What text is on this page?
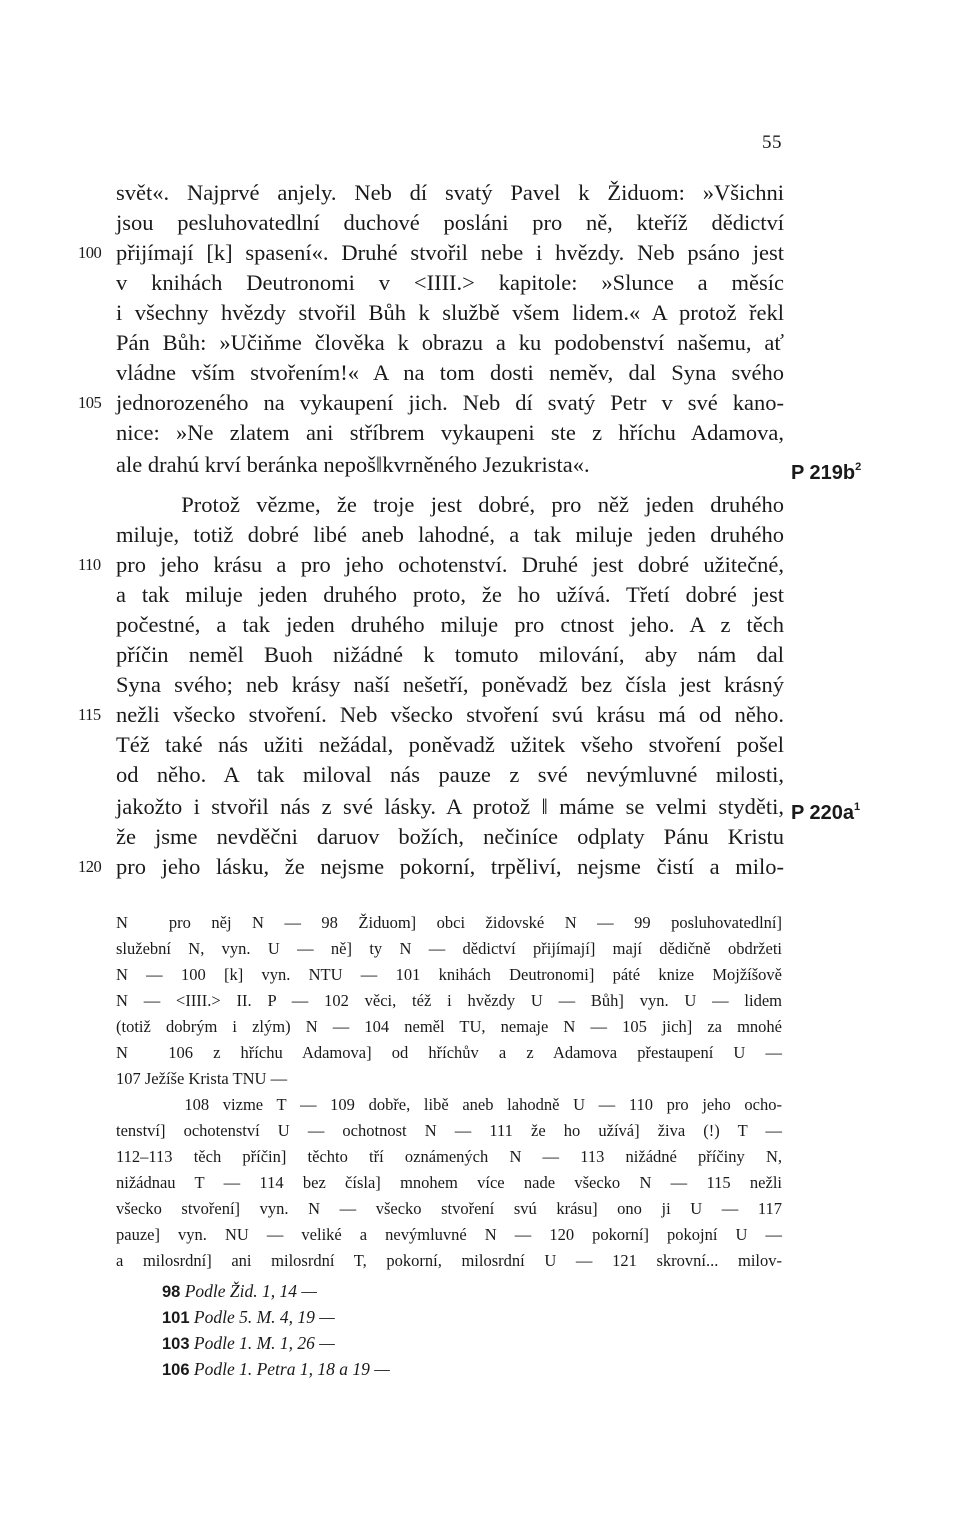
55
svět«. Najprvé anjely. Neb dí svatý Pavel k Židuom: »Všichni
jsou pesluhovatedlní duchové posláni pro ně, kteříž dědictví
100 přijímají [k] spasení«. Druhé stvořil nebe i hvězdy. Neb psáno jest
v knihách Deutronomi v <IIII.> kapitole: »Slunce a měsíc
i všechny hvězdy stvořil Bůh k službě všem lidem.« A protož řekl
Pán Bůh: »Učiňme člověka k obrazu a ku podobenství našemu, ať
vládne vším stvořením!« A na tom dosti neměv, dal Syna svého
105 jednorozeného na vykaupení jich. Neb dí svatý Petr v své kano-
nice: »Ne zlatem ani stříbrem vykaupeni ste z hříchu Adamova,
ale drahú krví beránka nepoš‖kvrněného Jezukrista«.	P $219b^2$
Protož vězme, že troje jest dobré, pro něž jeden druhého
miluje, totiž dobré libé aneb lahodné, a tak miluje jeden druhého
110 pro jeho krásu a pro jeho ochotenství. Druhé jest dobré užitečné,
a tak miluje jeden druhého proto, že ho užívá. Třetí dobré jest
počestné, a tak jeden druhého miluje pro ctnost jeho. A z těch
příčin neměl Buoh nižádné k tomuto milování, aby nám dal
Syna svého; neb krásy naší nešetří, poněvadž bez čísla jest krásný
115 nežli všecko stvoření. Neb všecko stvoření svú krásu má od něho.
Též také nás užiti nežádal, poněvadž užitek všeho stvoření pošel
od něho. A tak miloval nás pauze z své nevýmluvné milosti,
jakožto i stvořil nás z své lásky. A protož ‖ máme se velmi styděti, P $220a^1$
že jsme nevděčni daruov božích, nečiníce odplaty Pánu Kristu
120 pro jeho lásku, že nejsme pokorní, trpěliví, nejsme čistí a milo-
N  pro něj N — 98 Židuom] obci židovské N — 99 posluhovatedlní]
služební N, vyn. U — ně] ty N — dědictví přijímají] mají dědičně obdržeti
N — 100 [k] vyn. NTU — 101 knihách Deutronomi] páté knize Mojžíšově
N — <IIII.> II. P — 102 věci, též i hvězdy U — Bůh] vyn. U — lidem
(totiž dobrým i zlým) N — 104 neměl TU, nemaje N — 105 jich] za mnohé
N  106 z hříchu Adamova] od hříchův a z Adamova přestaupení U —
107 Ježíše Krista TNU —
108 vizme T — 109 dobře, libě aneb lahodně U — 110 pro jeho ocho-
tenství] ochotenství U — ochotnost N — 111 že ho užívá] živa (!) T —
112–113 těch příčin] těchto tří oznámených N — 113 nižádné příčiny N,
nižádnau T — 114 bez čísla] mnohem více nade všecko N — 115 nežli
všecko stvoření] vyn. N — všecko stvoření svú krásu] ono ji U — 117
pauze] vyn. NU — veliké a nevýmluvné N — 120 pokorní] pokojní U —
a milosrdní] ani milosrdní T, pokorní, milosrdní U — 121 skrovní... milov-
98 Podle Žid. 1, 14 —
101 Podle 5. M. 4, 19 —
103 Podle 1. M. 1, 26 —
106 Podle 1. Petra 1, 18 a 19 —
